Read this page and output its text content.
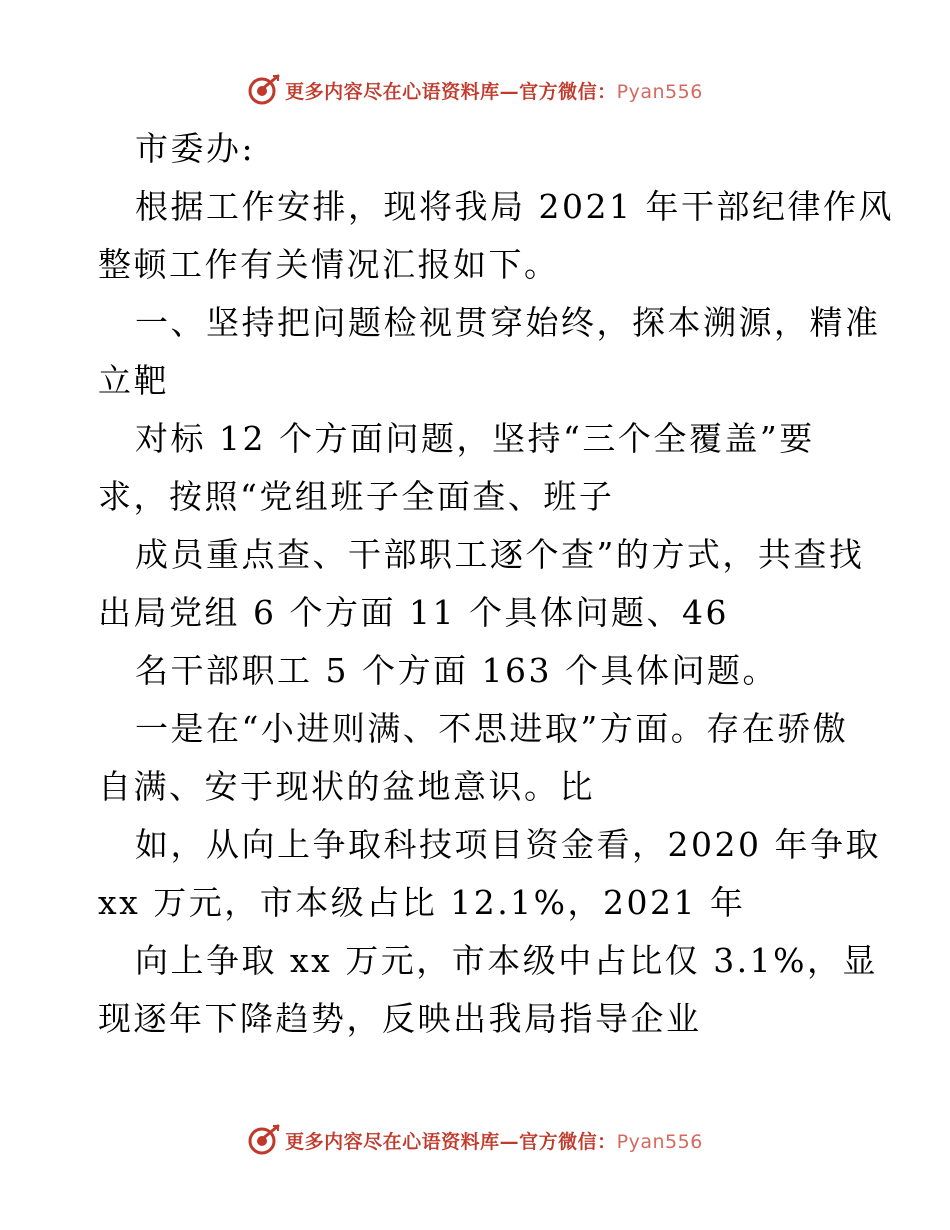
更多内容尽在心语资料库—官方微信：Pyan556
市委办:
根据工作安排，现将我局 2021 年干部纪律作风
整顿工作有关情况汇报如下。
一、坚持把问题检视贯穿始终，探本溯源，精准
立靶
对标 12 个方面问题，坚持“三个全覆盖”要
求，按照“党组班子全面查、班子
成员重点查、干部职工逐个查”的方式，共查找
出局党组 6 个方面 11 个具体问题、46
名干部职工 5 个方面 163 个具体问题。
一是在“小进则满、不思进取”方面。存在骄傲
自满、安于现状的盆地意识。比
如，从向上争取科技项目资金看，2020 年争取
xx 万元，市本级占比 12.1%，2021 年
向上争取 xx 万元，市本级中占比仅 3.1%，显
现逐年下降趋势，反映出我局指导企业
更多内容尽在心语资料库—官方微信：Pyan556
